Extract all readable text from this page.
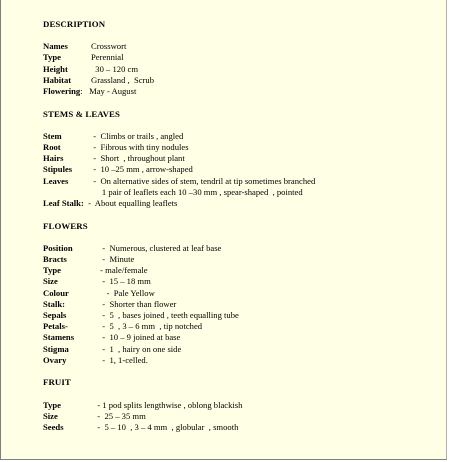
DESCRIPTION
Names	Crosswort
Type	Perennial
Height	30 – 120 cm
Habitat	Grassland ,  Scrub
Flowering :   May - August
STEMS & LEAVES
Stem	-  Climbs or trails , angled
Root	-  Fibrous with tiny nodules
Hairs	-  Short  , throughout plant
Stipules	-  10 –25 mm , arrow-shaped
Leaves	-  On alternative sides of stem, tendril at tip sometimes branched
1 pair of leaflets each 10 –30 mm , spear-shaped  , pointed
Leaf Stalk: -  About equalling leaflets
FLOWERS
Position	-  Numerous, clustered at leaf base
Bracts	-  Minute
Type	- male/female
Size	-  15 – 18 mm
Colour	-  Pale Yellow
Stalk:	-  Shorter than flower
Sepals	-  5  , bases joined , teeth equalling tube
Petals-	-  5  , 3 – 6 mm  , tip notched
Stamens	-  10 – 9 joined at base
Stigma	-  1  , hairy on one side
Ovary	-  1, 1-celled.
FRUIT
Type	- 1 pod splits lengthwise , oblong blackish
Size	-  25 – 35 mm
Seeds	-  5 – 10  , 3 – 4 mm  , globular  , smooth
